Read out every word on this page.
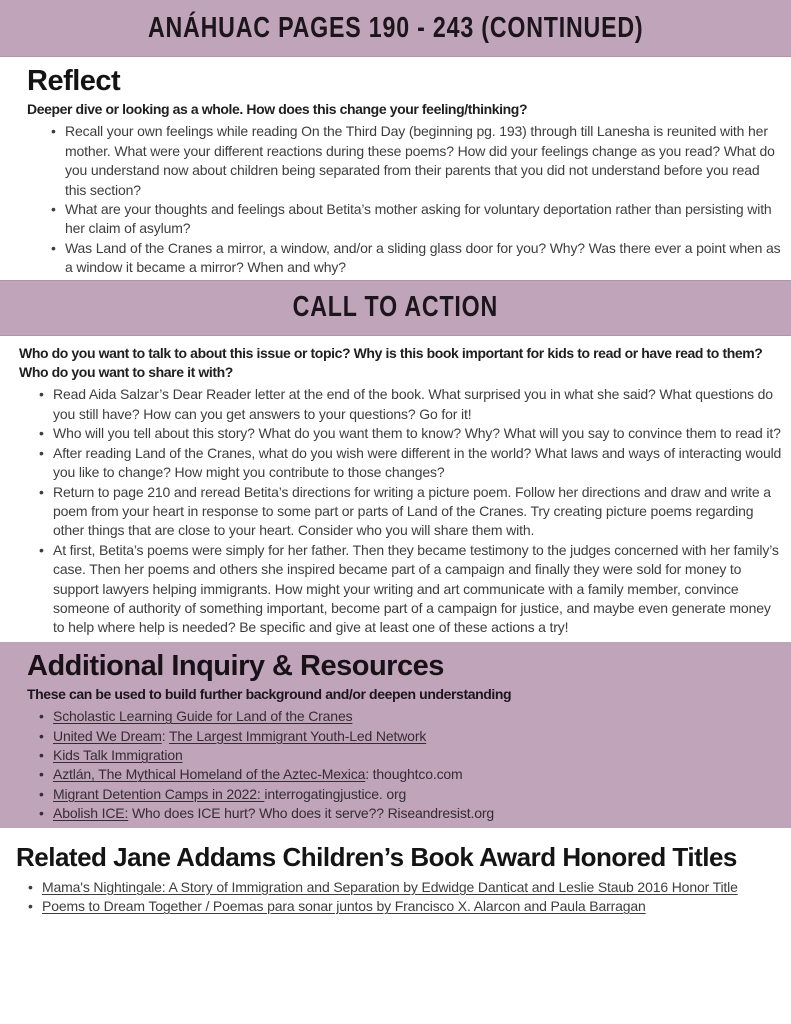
ANÁHUAC PAGES 190 - 243 (CONTINUED)
Reflect

Deeper dive or looking as a whole. How does this change your feeling/thinking?

• Recall your own feelings while reading On the Third Day (beginning pg. 193) through till Lanesha is reunited with her mother. What were your different reactions during these poems? How did your feelings change as you read? What do you understand now about children being separated from their parents that you did not understand before you read this section?
• What are your thoughts and feelings about Betita’s mother asking for voluntary deportation rather than persisting with her claim of asylum?
• Was Land of the Cranes a mirror, a window, and/or a sliding glass door for you? Why? Was there ever a point when as a window it became a mirror? When and why?
CALL TO ACTION

Who do you want to talk to about this issue or topic? Why is this book important for kids to read or have read to them? Who do you want to share it with?

• Read Aida Salzar’s Dear Reader letter at the end of the book. What surprised you in what she said? What questions do you still have? How can you get answers to your questions? Go for it!
• Who will you tell about this story? What do you want them to know? Why? What will you say to convince them to read it?
• After reading Land of the Cranes, what do you wish were different in the world? What laws and ways of interacting would you like to change? How might you contribute to those changes?
• Return to page 210 and reread Betita’s directions for writing a picture poem. Follow her directions and draw and write a poem from your heart in response to some part or parts of Land of the Cranes. Try creating picture poems regarding other things that are close to your heart. Consider who you will share them with.
• At first, Betita’s poems were simply for her father. Then they became testimony to the judges concerned with her family’s case. Then her poems and others she inspired became part of a campaign and finally they were sold for money to support lawyers helping immigrants. How might your writing and art communicate with a family member, convince someone of authority of something important, become part of a campaign for justice, and maybe even generate money to help where help is needed? Be specific and give at least one of these actions a try!
Additional Inquiry & Resources

These can be used to build further background and/or deepen understanding

• Scholastic Learning Guide for Land of the Cranes
• United We Dream: The Largest Immigrant Youth-Led Network
• Kids Talk Immigration
• Aztlán, The Mythical Homeland of the Aztec-Mexica: thoughtco.com
• Migrant Detention Camps in 2022: interrogatingjustice. org
• Abolish ICE: Who does ICE hurt? Who does it serve?? Riseandresist.org
Related Jane Addams Children’s Book Award Honored Titles
• Mama's Nightingale: A Story of Immigration and Separation by Edwidge Danticat and Leslie Staub 2016 Honor Title
• Poems to Dream Together / Poemas para sonar juntos by Francisco X. Alarcon and Paula Barragan
